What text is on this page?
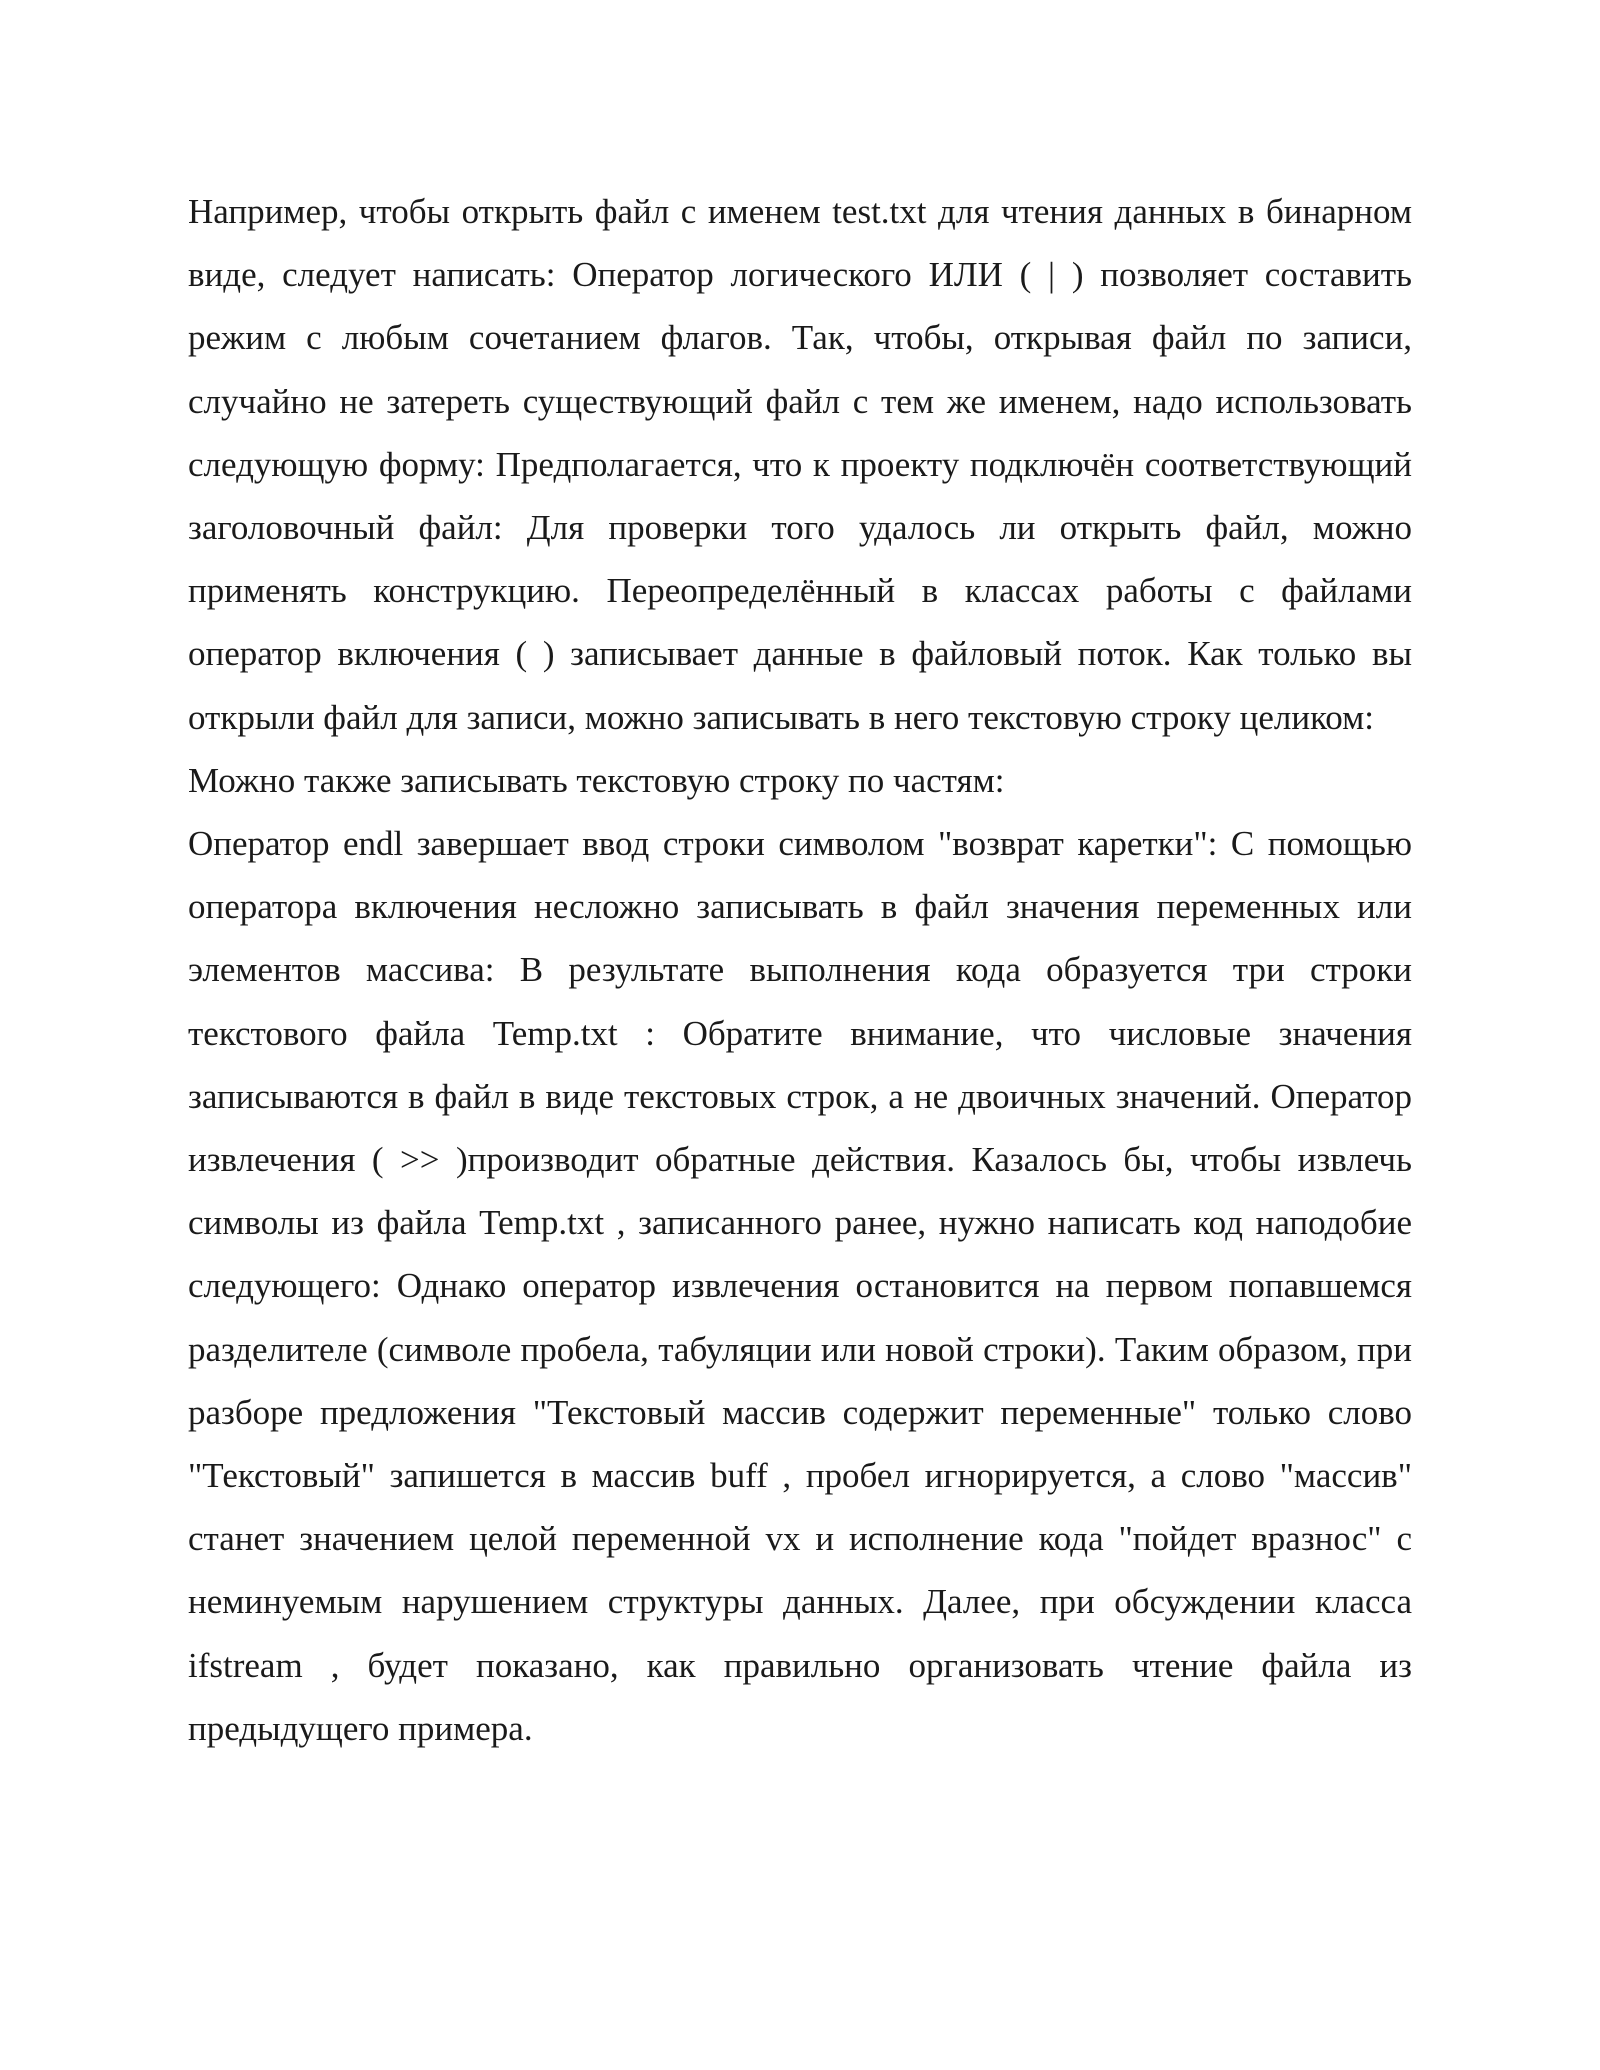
Например, чтобы открыть файл с именем test.txt для чтения данных в бинарном виде, следует написать: Оператор логического ИЛИ ( | ) позволяет составить режим с любым сочетанием флагов. Так, чтобы, открывая файл по записи, случайно не затереть существующий файл с тем же именем, надо использовать следующую форму: Предполагается, что к проекту подключён соответствующий заголовочный файл: Для проверки того удалось ли открыть файл, можно применять конструкцию. Переопределённый в классах работы с файлами оператор включения ( ) записывает данные в файловый поток. Как только вы открыли файл для записи, можно записывать в него текстовую строку целиком:

Можно также записывать текстовую строку по частям:

Оператор endl завершает ввод строки символом "возврат каретки": С помощью оператора включения несложно записывать в файл значения переменных или элементов массива: В результате выполнения кода образуется три строки текстового файла Temp.txt : Обратите внимание, что числовые значения записываются в файл в виде текстовых строк, а не двоичных значений. Оператор извлечения ( >> )производит обратные действия. Казалось бы, чтобы извлечь символы из файла Temp.txt , записанного ранее, нужно написать код наподобие следующего: Однако оператор извлечения остановится на первом попавшемся разделителе (символе пробела, табуляции или новой строки). Таким образом, при разборе предложения "Текстовый массив содержит переменные" только слово "Текстовый" запишется в массив buff , пробел игнорируется, а слово "массив" станет значением целой переменной vx и исполнение кода "пойдет вразнос" с неминуемым нарушением структуры данных. Далее, при обсуждении класса ifstream , будет показано, как правильно организовать чтение файла из предыдущего примера.
